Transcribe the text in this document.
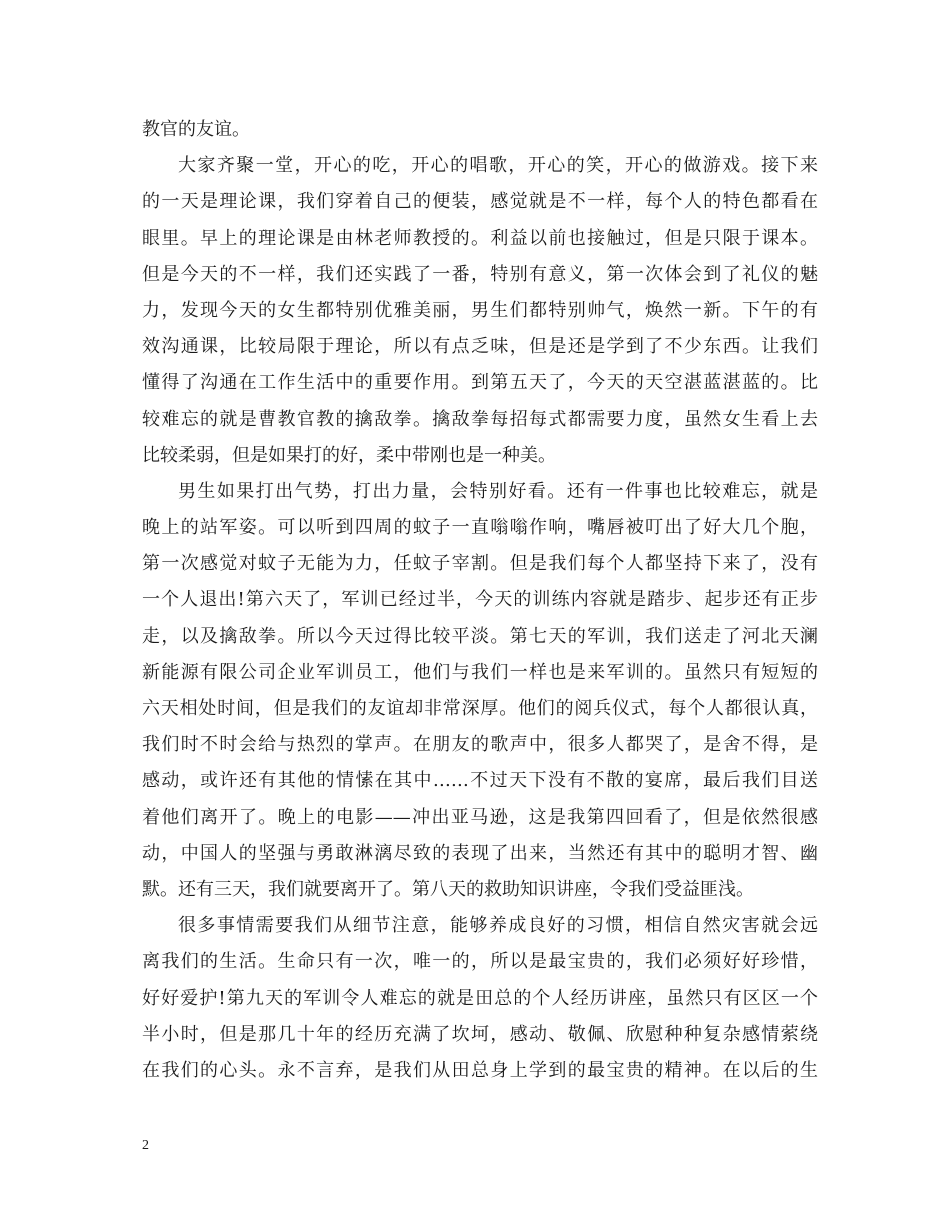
教官的友谊。
大家齐聚一堂，开心的吃，开心的唱歌，开心的笑，开心的做游戏。接下来
的一天是理论课，我们穿着自己的便装，感觉就是不一样，每个人的特色都看在
眼里。早上的理论课是由林老师教授的。利益以前也接触过，但是只限于课本。
但是今天的不一样，我们还实践了一番，特别有意义，第一次体会到了礼仪的魅
力，发现今天的女生都特别优雅美丽，男生们都特别帅气，焕然一新。下午的有
效沟通课，比较局限于理论，所以有点乏味，但是还是学到了不少东西。让我们
懂得了沟通在工作生活中的重要作用。到第五天了，今天的天空湛蓝湛蓝的。比
较难忘的就是曹教官教的擒敌拳。擒敌拳每招每式都需要力度，虽然女生看上去
比较柔弱，但是如果打的好，柔中带刚也是一种美。
男生如果打出气势，打出力量，会特别好看。还有一件事也比较难忘，就是
晚上的站军姿。可以听到四周的蚊子一直嗡嗡作响，嘴唇被叮出了好大几个胞，
第一次感觉对蚊子无能为力，任蚊子宰割。但是我们每个人都坚持下来了，没有
一个人退出!第六天了，军训已经过半，今天的训练内容就是踏步、起步还有正步
走，以及擒敌拳。所以今天过得比较平淡。第七天的军训，我们送走了河北天澜
新能源有限公司企业军训员工，他们与我们一样也是来军训的。虽然只有短短的
六天相处时间，但是我们的友谊却非常深厚。他们的阅兵仪式，每个人都很认真，
我们时不时会给与热烈的掌声。在朋友的歌声中，很多人都哭了，是舍不得，是
感动，或许还有其他的情愫在其中……不过天下没有不散的宴席，最后我们目送
着他们离开了。晚上的电影——冲出亚马逊，这是我第四回看了，但是依然很感
动，中国人的坚强与勇敢淋漓尽致的表现了出来，当然还有其中的聪明才智、幽
默。还有三天，我们就要离开了。第八天的救助知识讲座，令我们受益匪浅。
很多事情需要我们从细节注意，能够养成良好的习惯，相信自然灾害就会远
离我们的生活。生命只有一次，唯一的，所以是最宝贵的，我们必须好好珍惜，
好好爱护!第九天的军训令人难忘的就是田总的个人经历讲座，虽然只有区区一个
半小时，但是那几十年的经历充满了坎坷，感动、敬佩、欣慰种种复杂感情萦绕
在我们的心头。永不言弃，是我们从田总身上学到的最宝贵的精神。在以后的生
2
